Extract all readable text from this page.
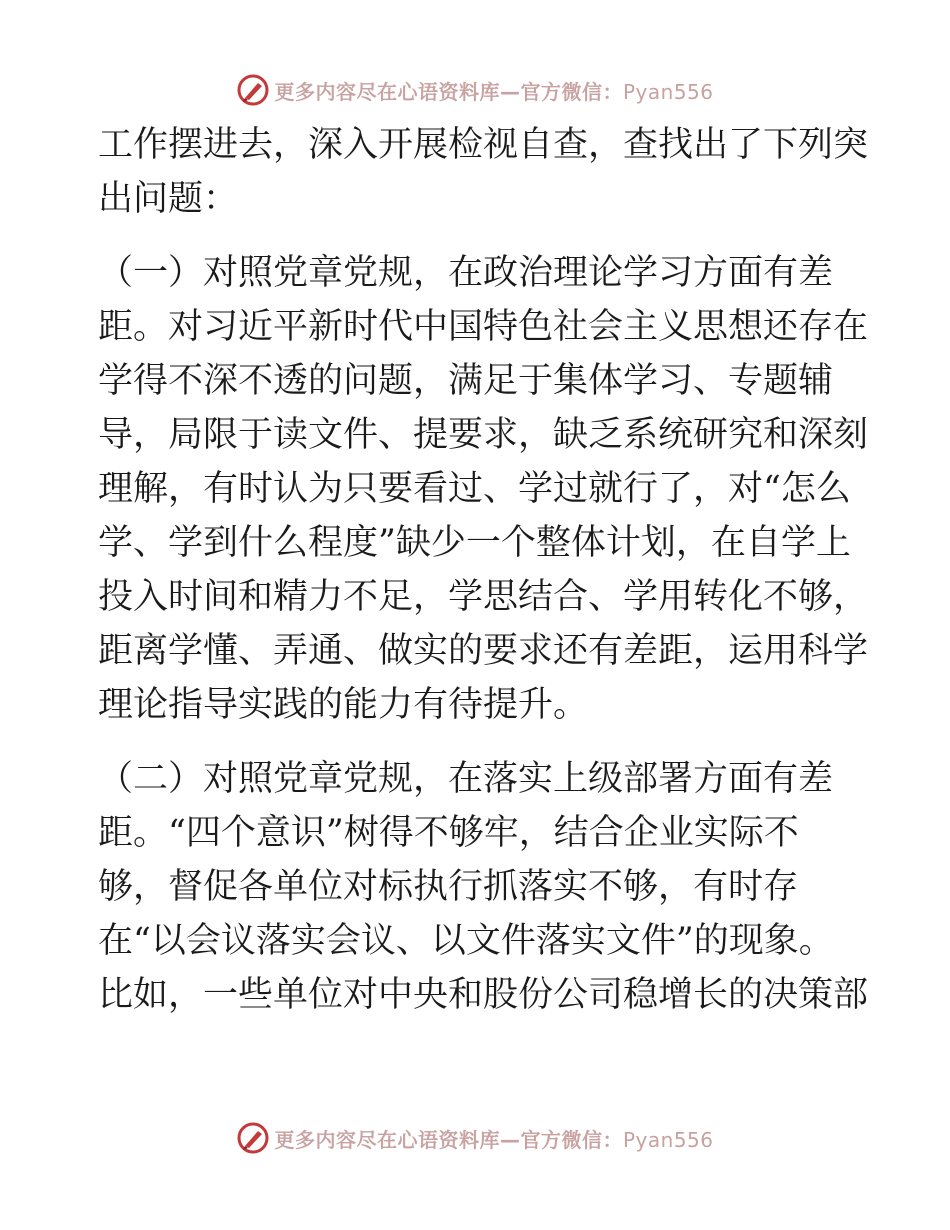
更多内容尽在心语资料库—官方微信：Pyan556
工作摆进去，深入开展检视自查，查找出了下列突
出问题：
（一）对照党章党规，在政治理论学习方面有差
距。对习近平新时代中国特色社会主义思想还存在
学得不深不透的问题，满足于集体学习、专题辅
导，局限于读文件、提要求，缺乏系统研究和深刻
理解，有时认为只要看过、学过就行了，对“怎么
学、学到什么程度”缺少一个整体计划，在自学上
投入时间和精力不足，学思结合、学用转化不够，
距离学懂、弄通、做实的要求还有差距，运用科学
理论指导实践的能力有待提升。
（二）对照党章党规，在落实上级部署方面有差
距。“四个意识”树得不够牢，结合企业实际不
够，督促各单位对标执行抓落实不够，有时存
在“以会议落实会议、以文件落实文件”的现象。
比如，一些单位对中央和股份公司稳增长的决策部
更多内容尽在心语资料库—官方微信：Pyan556
